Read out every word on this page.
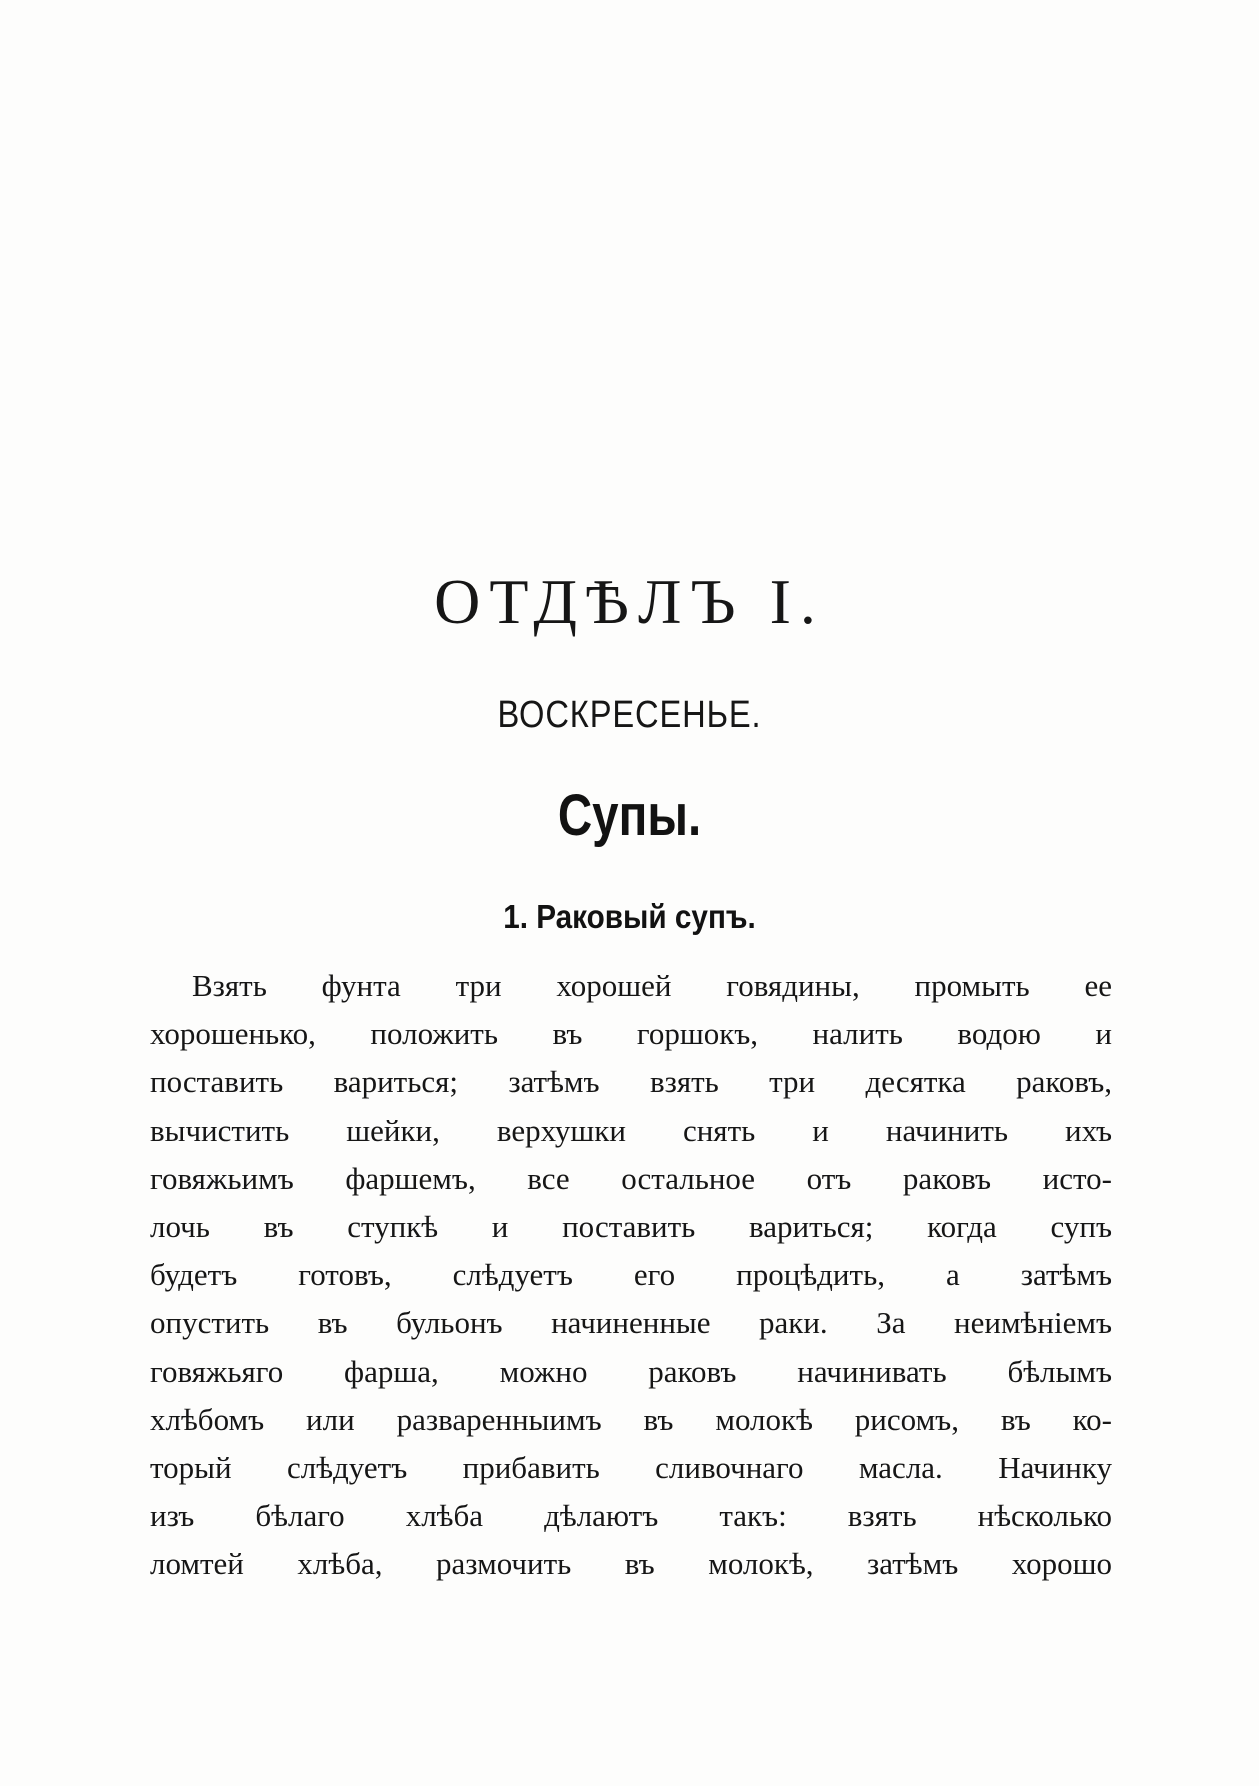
ОТДѢЛЪ I.
ВОСКРЕСЕНЬЕ.
Супы.
1. Раковый супъ.
Взять фунта три хорошей говядины, промыть ее
хорошенько, положить въ горшокъ, налить водою и
поставить вариться; затѣмъ взять три десятка раковъ,
вычистить шейки, верхушки снять и начинить ихъ
говяжьимъ фаршемъ, все остальное отъ раковъ исто-
лочь въ ступкѣ и поставить вариться; когда супъ
будетъ готовъ, слѣдуетъ его процѣдить, а затѣмъ
опустить въ бульонъ начиненные раки. За неимѣніемъ
говяжьяго фарша, можно раковъ начинивать бѣлымъ
хлѣбомъ или разваренныимъ въ молокѣ рисомъ, въ ко-
торый слѣдуетъ прибавить сливочнаго масла. Начинку
изъ бѣлаго хлѣба дѣлаютъ такъ: взять нѣсколько
ломтей хлѣба, размочить въ молокѣ, затѣмъ хорошо
